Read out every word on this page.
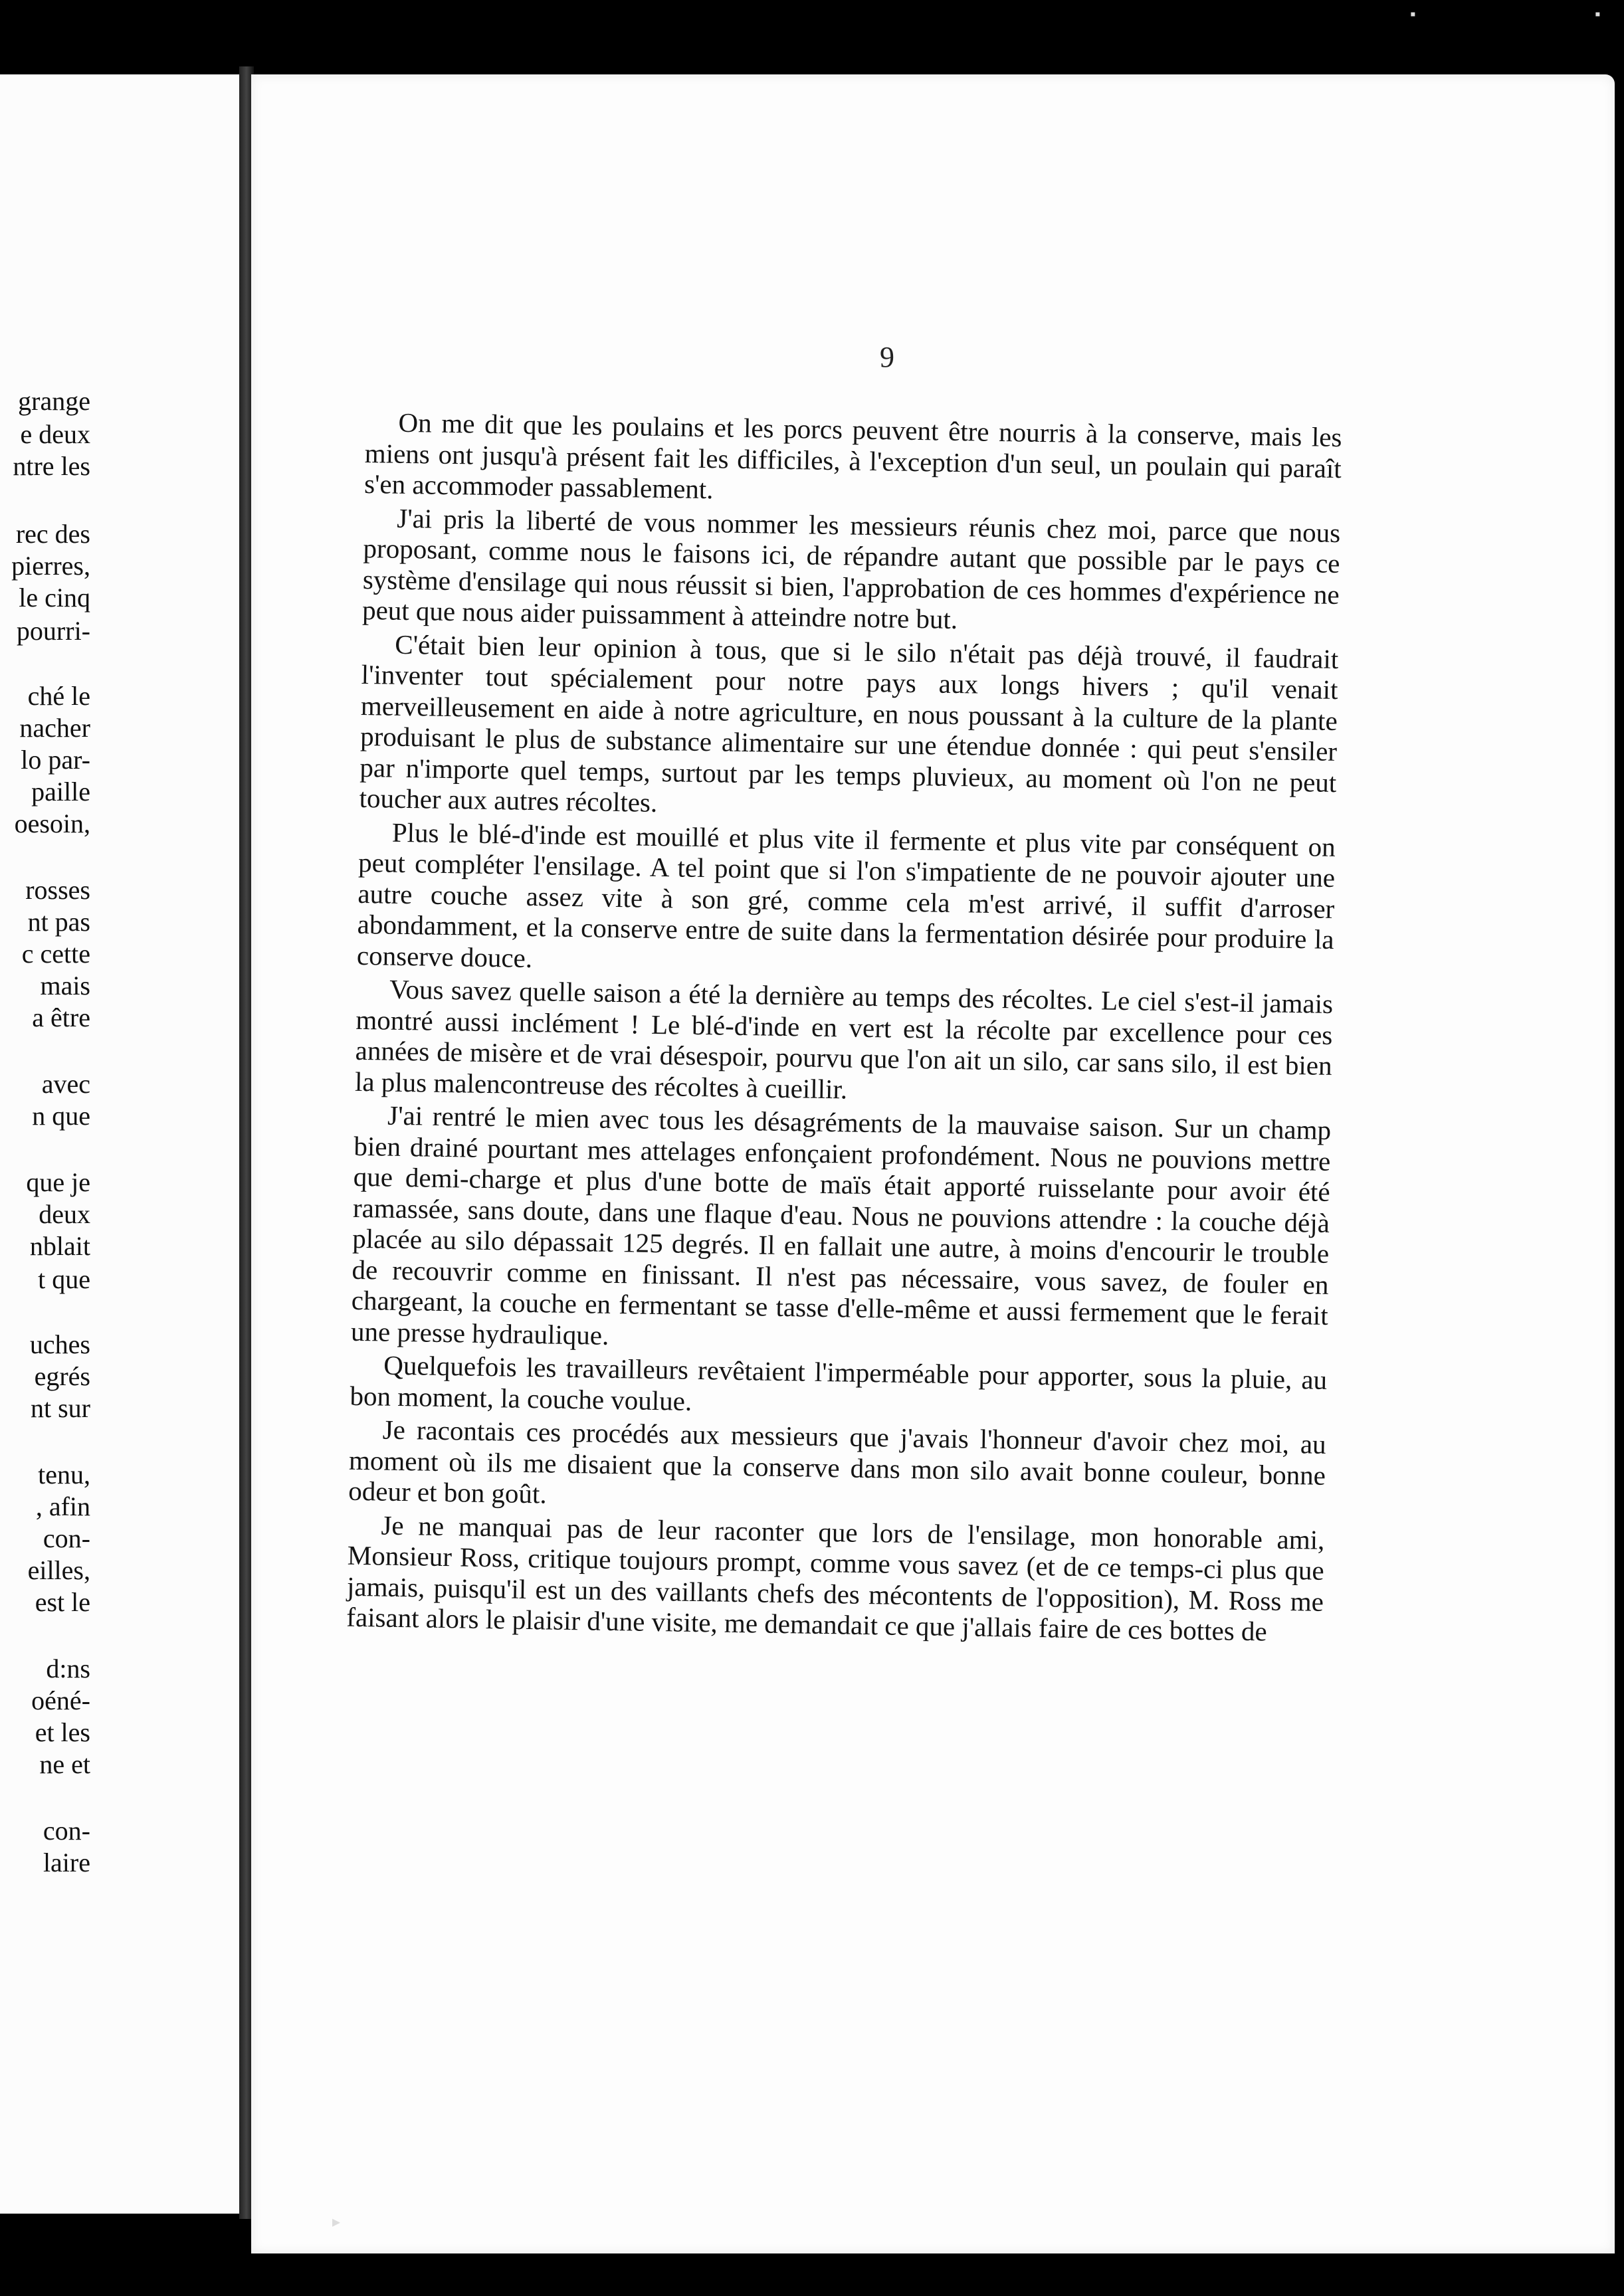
grange
e deux
ntre les
rec des
pierres,
le cinq
pourri-
ché le
nacher
lo par-
paille
oesoin,
rosses
nt pas
c cette
mais
a être
avec
n que
que je
deux
nblait
t que
uches
egrés
nt sur
tenu,
, afin
con-
eilles,
est le
d:ns
oéné-
et les
ne et
con-
laire
9

On me dit que les poulains et les porcs peuvent être nourris à la conserve, mais les miens ont jusqu'à présent fait les difficiles, à l'exception d'un seul, un poulain qui paraît s'en accommoder passablement.

J'ai pris la liberté de vous nommer les messieurs réunis chez moi, parce que nous proposant, comme nous le faisons ici, de répandre autant que possible par le pays ce système d'ensilage qui nous réussit si bien, l'approbation de ces hommes d'expérience ne peut que nous aider puissamment à atteindre notre but.

C'était bien leur opinion à tous, que si le silo n'était pas déjà trouvé, il faudrait l'inventer tout spécialement pour notre pays aux longs hivers ; qu'il venait merveilleusement en aide à notre agriculture, en nous poussant à la culture de la plante produisant le plus de substance alimentaire sur une étendue donnée : qui peut s'ensiler par n'importe quel temps, surtout par les temps pluvieux, au moment où l'on ne peut toucher aux autres récoltes.

Plus le blé-d'inde est mouillé et plus vite il fermente et plus vite par conséquent on peut compléter l'ensilage. A tel point que si l'on s'impatiente de ne pouvoir ajouter une autre couche assez vite à son gré, comme cela m'est arrivé, il suffit d'arroser abondamment, et la conserve entre de suite dans la fermentation désirée pour produire la conserve douce.

Vous savez quelle saison a été la dernière au temps des récoltes. Le ciel s'est-il jamais montré aussi inclément ! Le blé-d'inde en vert est la récolte par excellence pour ces années de misère et de vrai désespoir, pourvu que l'on ait un silo, car sans silo, il est bien la plus malencontreuse des récoltes à cueillir.

J'ai rentré le mien avec tous les désagréments de la mauvaise saison. Sur un champ bien drainé pourtant mes attelages enfonçaient profondément. Nous ne pouvions mettre que demi-charge et plus d'une botte de maïs était apporté ruisselante pour avoir été ramassée, sans doute, dans une flaque d'eau. Nous ne pouvions attendre : la couche déjà placée au silo dépassait 125 degrés. Il en fallait une autre, à moins d'encourir le trouble de recouvrir comme en finissant. Il n'est pas nécessaire, vous savez, de fouler en chargeant, la couche en fermentant se tasse d'elle-même et aussi fermement que le ferait une presse hydraulique.

Quelquefois les travailleurs revêtaient l'imperméable pour apporter, sous la pluie, au bon moment, la couche voulue.

Je racontais ces procédés aux messieurs que j'avais l'honneur d'avoir chez moi, au moment où ils me disaient que la conserve dans mon silo avait bonne couleur, bonne odeur et bon goût.

Je ne manquai pas de leur raconter que lors de l'ensilage, mon honorable ami, Monsieur Ross, critique toujours prompt, comme vous savez (et de ce temps-ci plus que jamais, puisqu'il est un des vaillants chefs des mécontents de l'opposition), M. Ross me faisant alors le plaisir d'une visite, me demandait ce que j'allais faire de ces bottes de

▪	▪
▸
